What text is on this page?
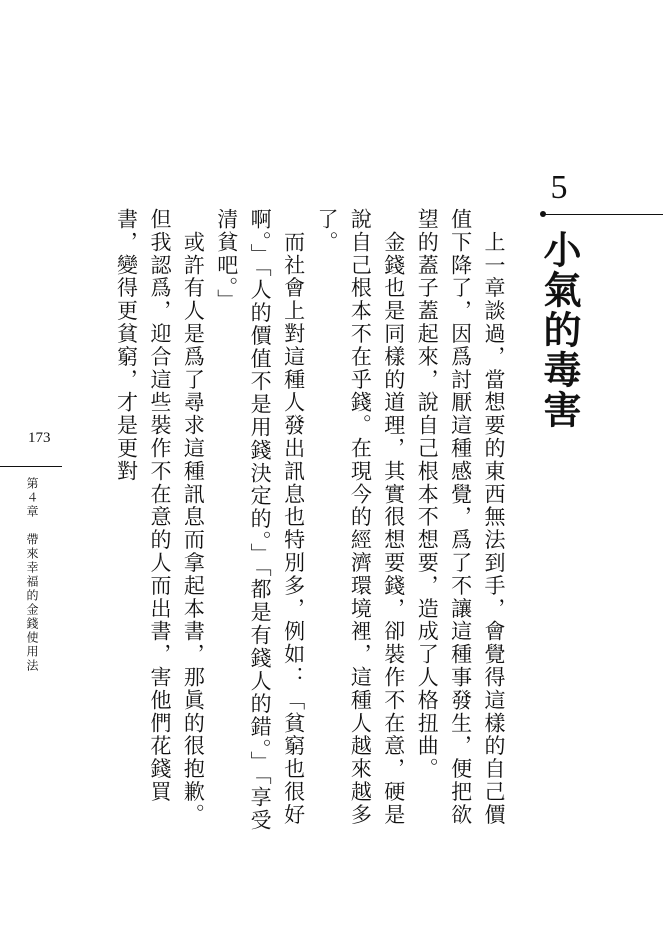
5
小氣的毒害

　上一章談過，當想要的東西無法到手，會覺得這樣的自己價值下降了，因爲討厭這種感覺，爲了不讓這種事發生，便把欲望的蓋子蓋起來，說自己根本不想要，造成了人格扭曲。

　金錢也是同樣的道理，其實很想要錢，卻裝作不在意，硬是說自己根本不在乎錢。在現今的經濟環境裡，這種人越來越多了。

　而社會上對這種人發出訊息也特別多，例如：「貧窮也很好啊。」「人的價值不是用錢決定的。」「都是有錢人的錯。」「享受清貧吧。」

　或許有人是爲了尋求這種訊息而拿起本書，那眞的很抱歉。但我認爲，迎合這些裝作不在意的人而出書，害他們花錢買書，變得更貧窮，才是更對

173
第４章　帶來幸福的金錢使用法
